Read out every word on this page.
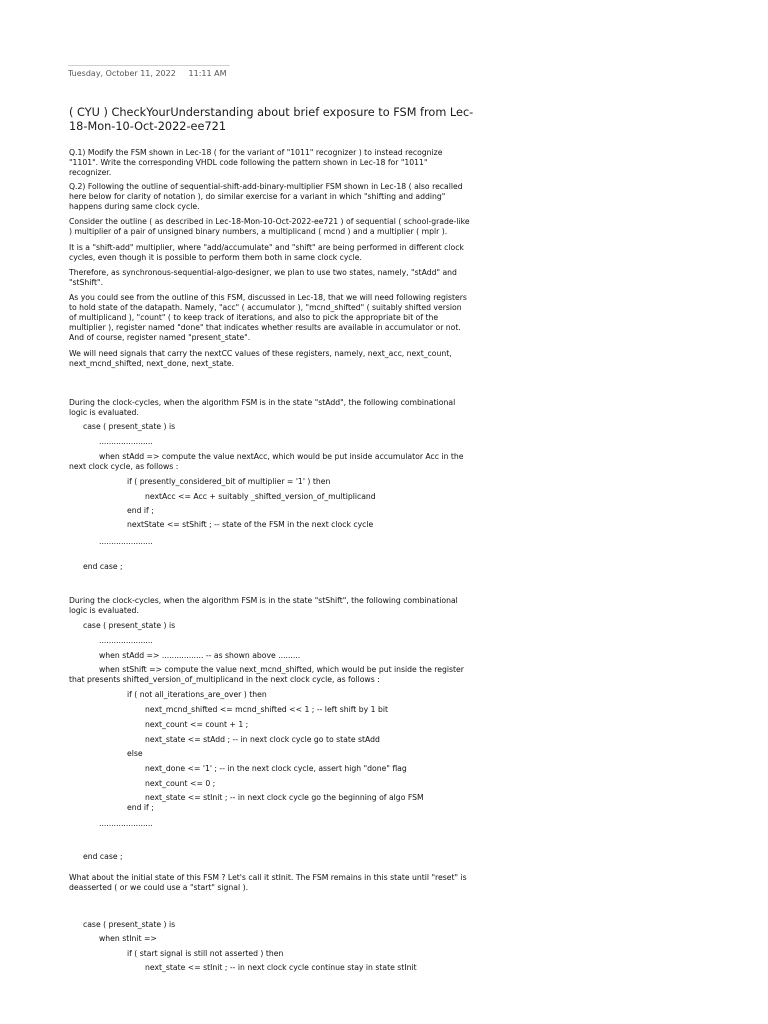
Tuesday, October 11, 2022 11:11 AM
( CYU ) CheckYourUnderstanding about brief exposure to FSM from Lec-18-Mon-10-Oct-2022-ee721
Q.1) Modify the FSM shown in Lec-18 ( for the variant of "1011" recognizer ) to instead recognize
"1101". Write the corresponding VHDL code following the pattern shown in Lec-18 for "1011"
recognizer.
Q.2) Following the outline of sequential-shift-add-binary-multiplier FSM shown in Lec-18 ( also recalled
here below for clarity of notation ), do similar exercise for a variant in which "shifting and adding"
happens during same clock cycle.
Consider the outline ( as described in Lec-18-Mon-10-Oct-2022-ee721 ) of sequential ( school-grade-like
) multiplier of a pair of unsigned binary numbers, a multiplicand ( mcnd ) and a multiplier ( mplr ).
It is a "shift-add" multiplier, where "add/accumulate" and "shift" are being performed in different clock
cycles, even though it is possible to perform them both in same clock cycle.
Therefore, as synchronous-sequential-algo-designer, we plan to use two states, namely, "stAdd" and
"stShift".
As you could see from the outline of this FSM, discussed in Lec-18, that we will need following registers
to hold state of the datapath. Namely, "acc" ( accumulator ), "mcnd_shifted" ( suitably shifted version
of multiplicand ), "count" ( to keep track of iterations, and also to pick the appropriate bit of the
multiplier ), register named "done" that indicates whether results are available in accumulator or not.
And of course, register named "present_state".
We will need signals that carry the nextCC values of these registers, namely, next_acc, next_count,
next_mcnd_shifted, next_done, next_state.
During the clock-cycles, when the algorithm FSM is in the state "stAdd", the following combinational
logic is evaluated.
case ( present_state ) is
......................
when stAdd => compute the value nextAcc, which would be put inside accumulator Acc in the
next clock cycle, as follows :
if ( presently_considered_bit of multiplier = '1' ) then
nextAcc <= Acc + suitably _shifted_version_of_multiplicand
end if ;
nextState <= stShift ; -- state of the FSM in the next clock cycle
......................
end case ;
During the clock-cycles, when the algorithm FSM is in the state "stShift", the following combinational
logic is evaluated.
case ( present_state ) is
......................
when stAdd => ................. -- as shown above .........
when stShift => compute the value next_mcnd_shifted, which would be put inside the register
that presents shifted_version_of_multiplicand in the next clock cycle, as follows :
if ( not all_iterations_are_over ) then
next_mcnd_shifted <= mcnd_shifted << 1 ; -- left shift by 1 bit
next_count <= count + 1 ;
next_state <= stAdd ; -- in next clock cycle go to state stAdd
else
next_done <= '1' ; -- in the next clock cycle, assert high "done" flag
next_count <= 0 ;
next_state <= stInit ; -- in next clock cycle go the beginning of algo FSM
end if ;
......................
end case ;
What about the initial state of this FSM ? Let's call it stInit. The FSM remains in this state until "reset" is
deasserted ( or we could use a "start" signal ).
case ( present_state ) is
when stInit =>
if ( start signal is still not asserted ) then
next_state <= stInit ; -- in next clock cycle continue stay in state stInit
